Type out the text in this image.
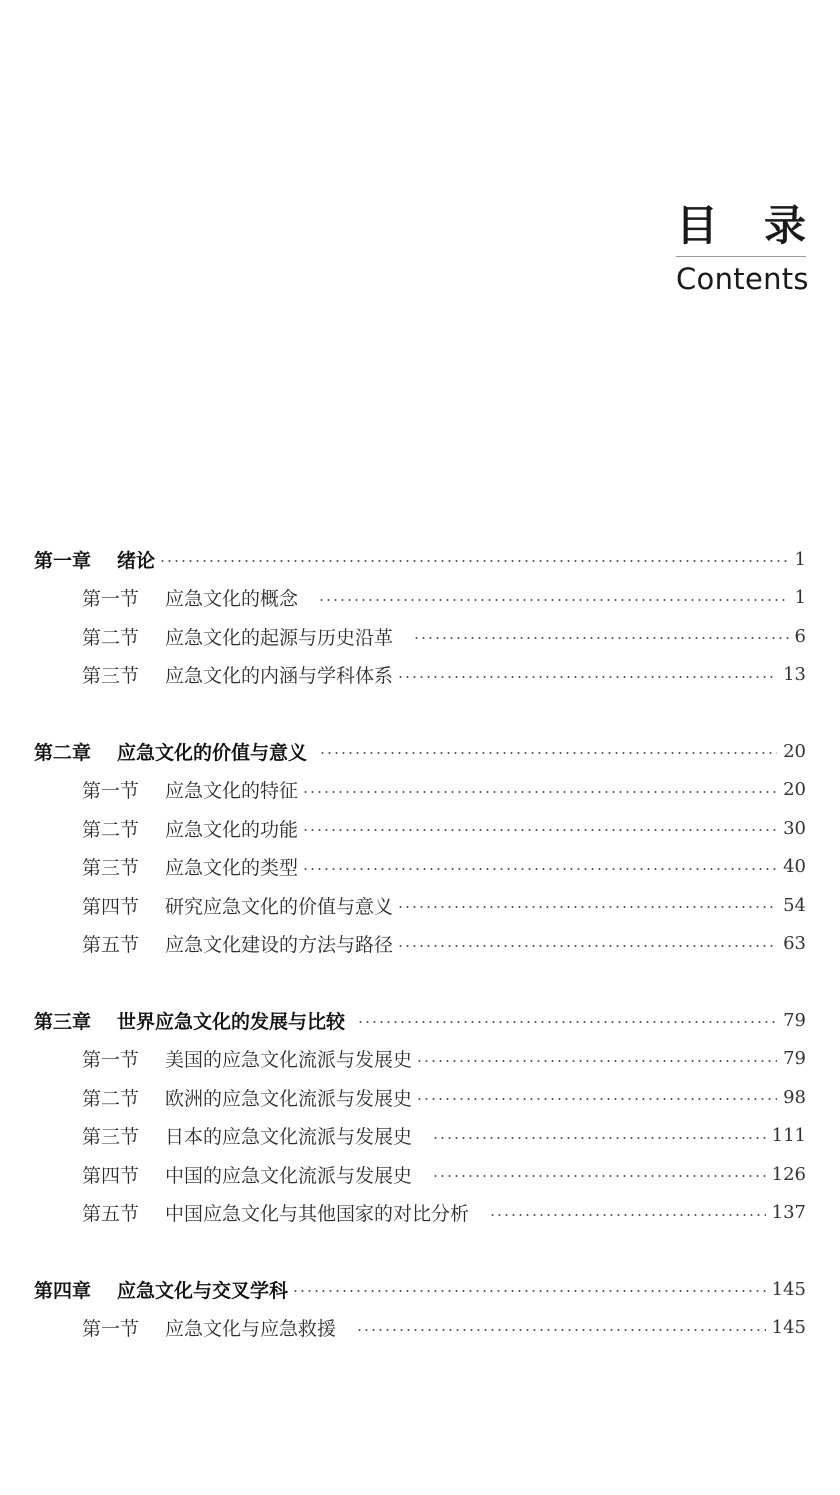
目 录
Contents
第一章 绪论	1
第一节 应急文化的概念	1
第二节 应急文化的起源与历史沿革	6
第三节 应急文化的内涵与学科体系	13
第二章 应急文化的价值与意义	20
第一节 应急文化的特征	20
第二节 应急文化的功能	30
第三节 应急文化的类型	40
第四节 研究应急文化的价值与意义	54
第五节 应急文化建设的方法与路径	63
第三章 世界应急文化的发展与比较	79
第一节 美国的应急文化流派与发展史	79
第二节 欧洲的应急文化流派与发展史	98
第三节 日本的应急文化流派与发展史	111
第四节 中国的应急文化流派与发展史	126
第五节 中国应急文化与其他国家的对比分析	137
第四章 应急文化与交叉学科	145
第一节 应急文化与应急救援	145
